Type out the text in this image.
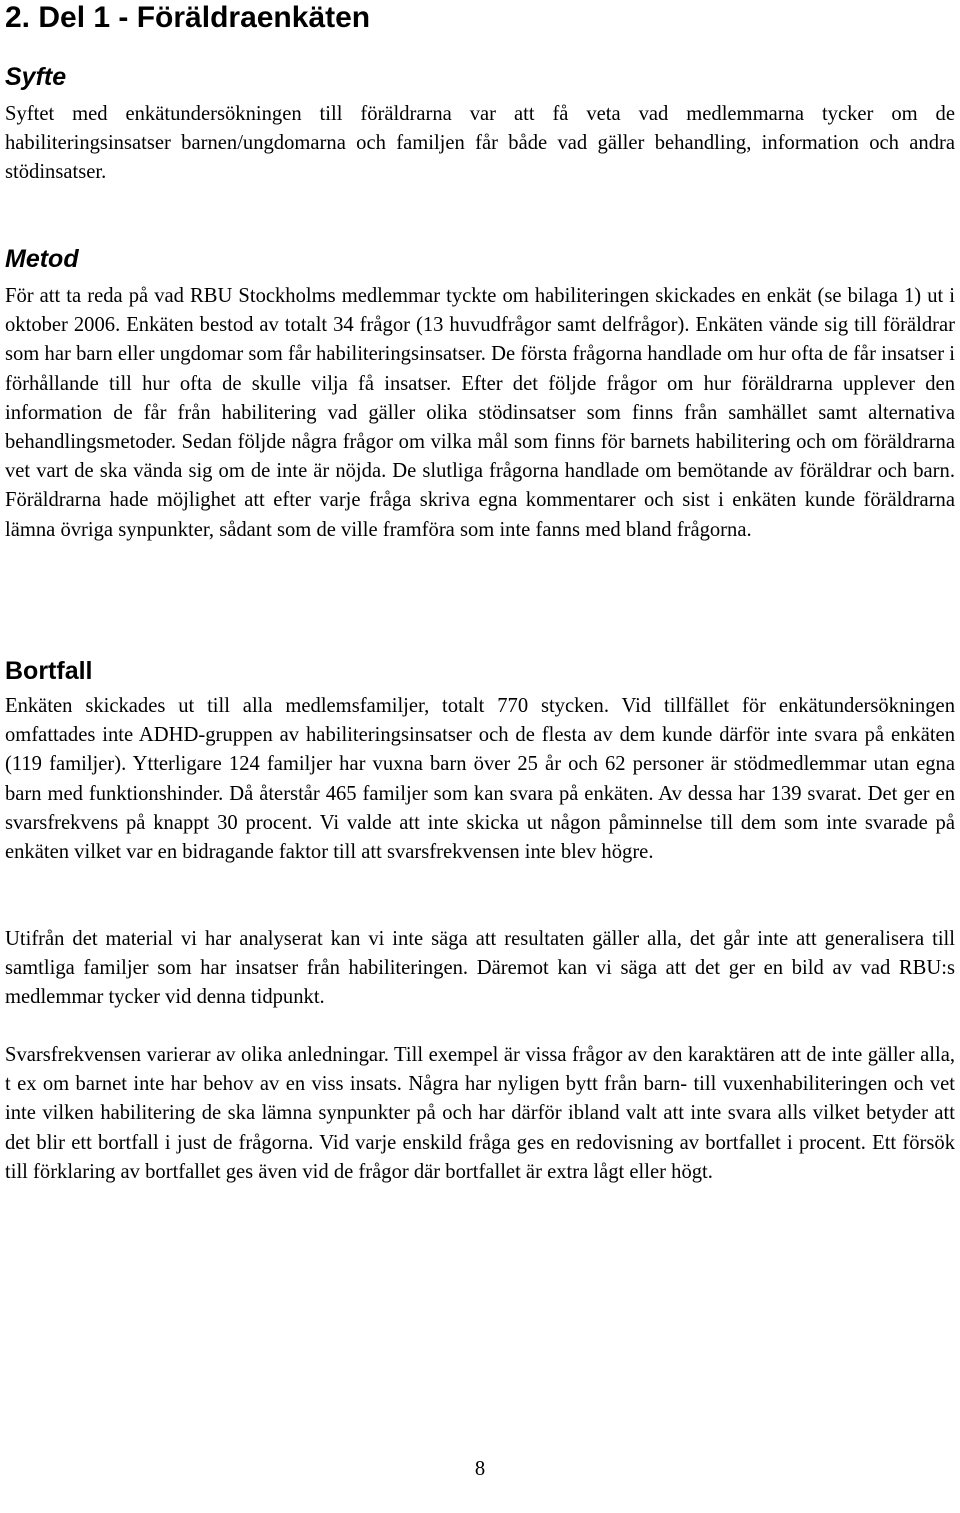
2. Del 1 - Föräldraenkäten
Syfte

Syftet med enkätundersökningen till föräldrarna var att få veta vad medlemmarna tycker om de habiliteringsinsatser barnen/ungdomarna och familjen får både vad gäller behandling, information och andra stödinsatser.

Metod

För att ta reda på vad RBU Stockholms medlemmar tyckte om habiliteringen skickades en enkät (se bilaga 1) ut i oktober 2006. Enkäten bestod av totalt 34 frågor (13 huvudfrågor samt delfrågor). Enkäten vände sig till föräldrar som har barn eller ungdomar som får habiliteringsinsatser. De första frågorna handlade om hur ofta de får insatser i förhållande till hur ofta de skulle vilja få insatser. Efter det följde frågor om hur föräldrarna upplever den information de får från habilitering vad gäller olika stödinsatser som finns från samhället samt alternativa behandlingsmetoder. Sedan följde några frågor om vilka mål som finns för barnets habilitering och om föräldrarna vet vart de ska vända sig om de inte är nöjda. De slutliga frågorna handlade om bemötande av föräldrar och barn. Föräldrarna hade möjlighet att efter varje fråga skriva egna kommentarer och sist i enkäten kunde föräldrarna lämna övriga synpunkter, sådant som de ville framföra som inte fanns med bland frågorna.

Bortfall

Enkäten skickades ut till alla medlemsfamiljer, totalt 770 stycken. Vid tillfället för enkätundersökningen omfattades inte ADHD-gruppen av habiliteringsinsatser och de flesta av dem kunde därför inte svara på enkäten (119 familjer). Ytterligare 124 familjer har vuxna barn över 25 år och 62 personer är stödmedlemmar utan egna barn med funktionshinder. Då återstår 465 familjer som kan svara på enkäten. Av dessa har 139 svarat. Det ger en svarsfrekvens på knappt 30 procent. Vi valde att inte skicka ut någon påminnelse till dem som inte svarade på enkäten vilket var en bidragande faktor till att svarsfrekvensen inte blev högre.

Utifrån det material vi har analyserat kan vi inte säga att resultaten gäller alla, det går inte att generalisera till samtliga familjer som har insatser från habiliteringen. Däremot kan vi säga att det ger en bild av vad RBU:s medlemmar tycker vid denna tidpunkt.

Svarsfrekvensen varierar av olika anledningar. Till exempel är vissa frågor av den karaktären att de inte gäller alla, t ex om barnet inte har behov av en viss insats. Några har nyligen bytt från barn- till vuxenhabiliteringen och vet inte vilken habilitering de ska lämna synpunkter på och har därför ibland valt att inte svara alls vilket betyder att det blir ett bortfall i just de frågorna. Vid varje enskild fråga ges en redovisning av bortfallet i procent. Ett försök till förklaring av bortfallet ges även vid de frågor där bortfallet är extra lågt eller högt.

8
